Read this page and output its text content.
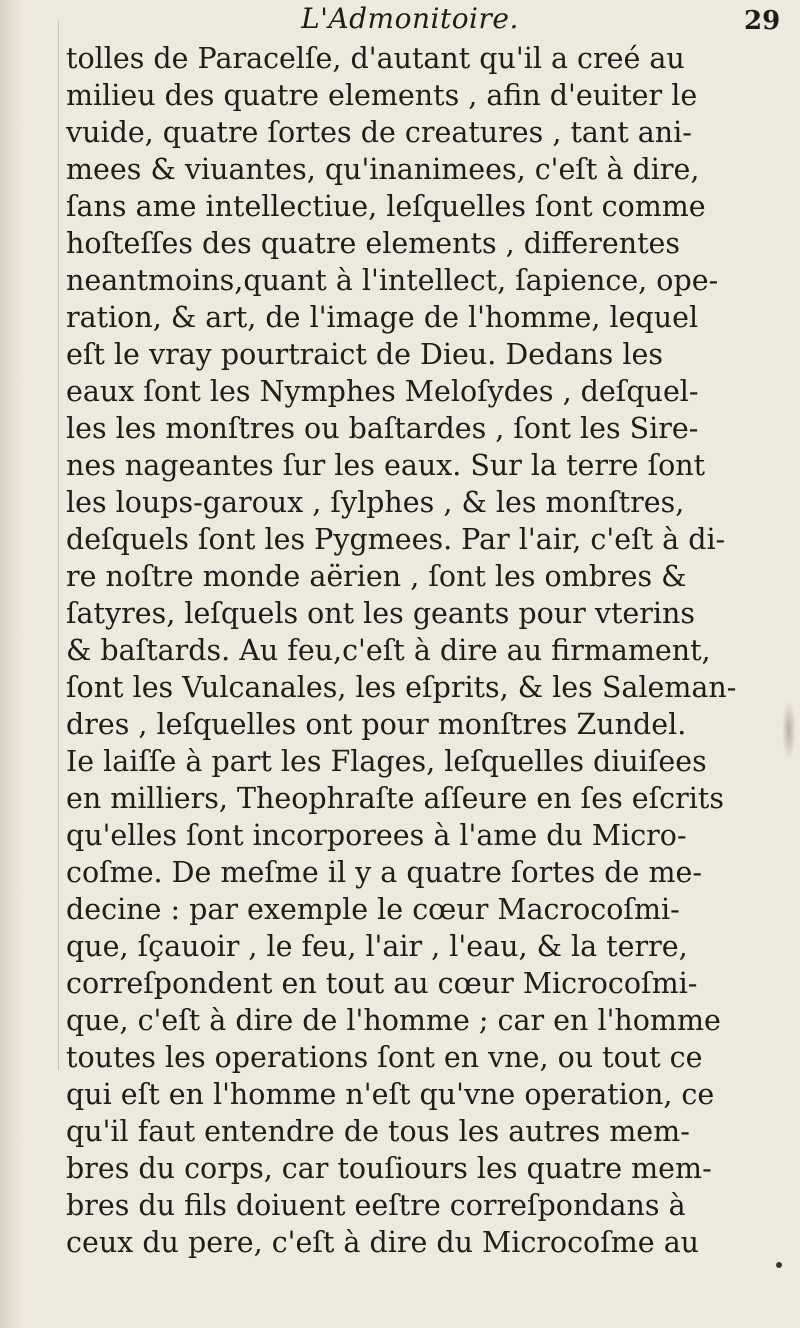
L'Admonitoire.	29
tolles de Paracelſe, d'autant qu'il a creé au
milieu des quatre elements , afin d'euiter le
vuide, quatre ſortes de creatures , tant ani-
mees & viuantes, qu'inanimees, c'eſt à dire,
ſans ame intellectiue, leſquelles ſont comme
hoſteſſes des quatre elements , differentes
neantmoins,quant à l'intellect, ſapience, ope-
ration, & art, de l'image de l'homme, lequel
eſt le vray pourtraict de Dieu. Dedans les
eaux ſont les Nymphes Meloſydes , deſquel-
les les monſtres ou baſtardes , ſont les Sire-
nes nageantes ſur les eaux. Sur la terre ſont
les loups-garoux , ſylphes , & les monſtres,
deſquels ſont les Pygmees. Par l'air, c'eſt à di-
re noſtre monde aërien , ſont les ombres &
ſatyres, leſquels ont les geants pour vterins
& baſtards. Au feu,c'eſt à dire au firmament,
ſont les Vulcanales, les eſprits, & les Saleman-
dres , leſquelles ont pour monſtres Zundel.
Ie laiſſe à part les Flages, leſquelles diuiſees
en milliers, Theophraſte aſſeure en ſes eſcrits
qu'elles ſont incorporees à l'ame du Micro-
coſme. De meſme il y a quatre ſortes de me-
decine : par exemple le cœur Macrocoſmi-
que, ſçauoir , le feu, l'air , l'eau, & la terre,
correſpondent en tout au cœur Microcoſmi-
que, c'eſt à dire de l'homme ; car en l'homme
toutes les operations ſont en vne, ou tout ce
qui eſt en l'homme n'eſt qu'vne operation, ce
qu'il faut entendre de tous les autres mem-
bres du corps, car touſiours les quatre mem-
bres du fils doiuent eeſtre correſpondans à
ceux du pere, c'eſt à dire du Microcoſme au
